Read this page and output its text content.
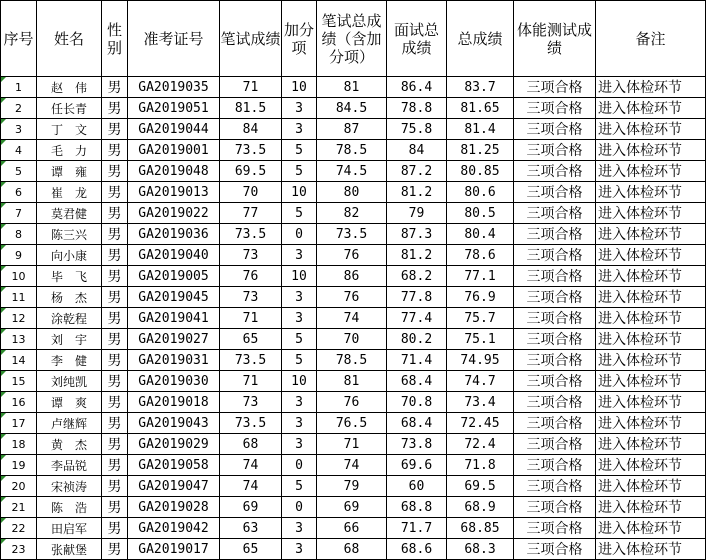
序号	姓名	性别	准考证号	笔试成绩	加分项	笔试总成绩（含加分项）	面试总成绩	总成绩	体能测试成绩	备注
1	赵　伟	男	GA2019035	71	10	81	86.4	83.7	三项合格	进入体检环节
2	任长青	男	GA2019051	81.5	3	84.5	78.8	81.65	三项合格	进入体检环节
3	丁　文	男	GA2019044	84	3	87	75.8	81.4	三项合格	进入体检环节
4	毛　力	男	GA2019001	73.5	5	78.5	84	81.25	三项合格	进入体检环节
5	谭　雍	男	GA2019048	69.5	5	74.5	87.2	80.85	三项合格	进入体检环节
6	崔　龙	男	GA2019013	70	10	80	81.2	80.6	三项合格	进入体检环节
7	莫君健	男	GA2019022	77	5	82	79	80.5	三项合格	进入体检环节
8	陈三兴	男	GA2019036	73.5	0	73.5	87.3	80.4	三项合格	进入体检环节
9	向小康	男	GA2019040	73	3	76	81.2	78.6	三项合格	进入体检环节
10	毕　飞	男	GA2019005	76	10	86	68.2	77.1	三项合格	进入体检环节
11	杨　杰	男	GA2019045	73	3	76	77.8	76.9	三项合格	进入体检环节
12	涂乾程	男	GA2019041	71	3	74	77.4	75.7	三项合格	进入体检环节
13	刘　宇	男	GA2019027	65	5	70	80.2	75.1	三项合格	进入体检环节
14	李　健	男	GA2019031	73.5	5	78.5	71.4	74.95	三项合格	进入体检环节
15	刘纯凯	男	GA2019030	71	10	81	68.4	74.7	三项合格	进入体检环节
16	谭　爽	男	GA2019018	73	3	76	70.8	73.4	三项合格	进入体检环节
17	卢继辉	男	GA2019043	73.5	3	76.5	68.4	72.45	三项合格	进入体检环节
18	黄　杰	男	GA2019029	68	3	71	73.8	72.4	三项合格	进入体检环节
19	李品锐	男	GA2019058	74	0	74	69.6	71.8	三项合格	进入体检环节
20	宋祯涛	男	GA2019047	74	5	79	60	69.5	三项合格	进入体检环节
21	陈　浩	男	GA2019028	69	0	69	68.8	68.9	三项合格	进入体检环节
22	田启军	男	GA2019042	63	3	66	71.7	68.85	三项合格	进入体检环节
23	张献堡	男	GA2019017	65	3	68	68.6	68.3	三项合格	进入体检环节
